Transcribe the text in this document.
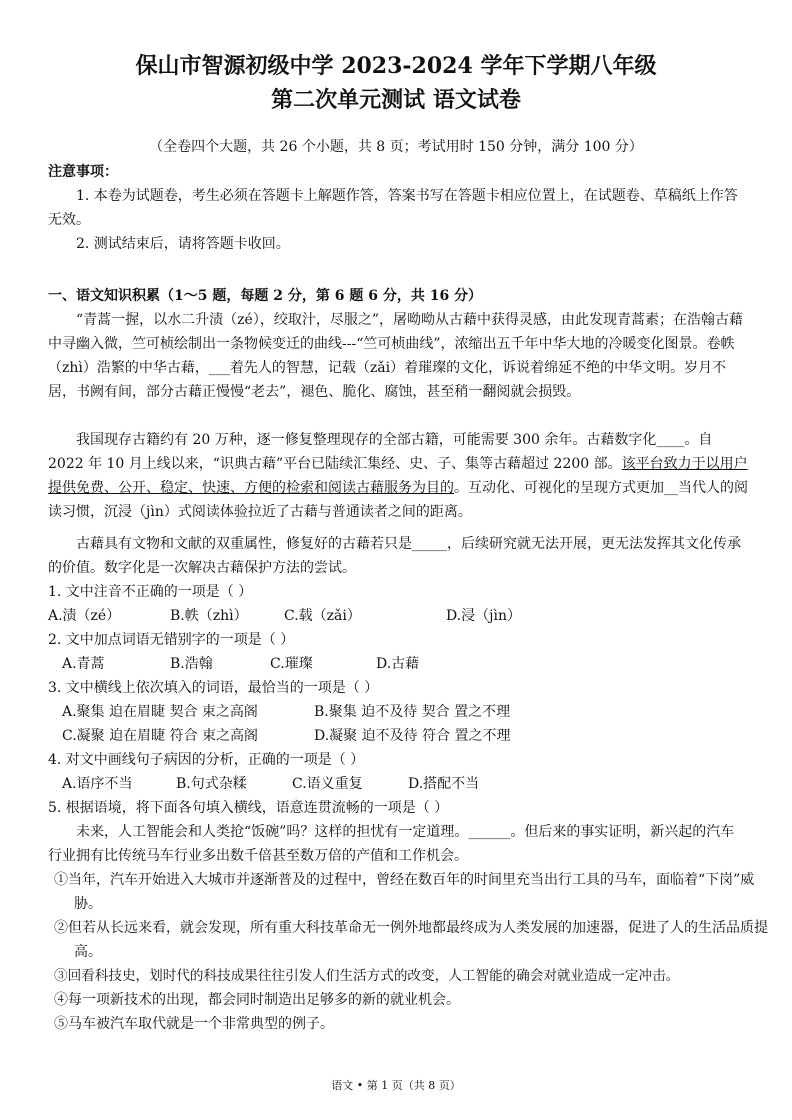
保山市智源初级中学 2023-2024 学年下学期八年级
第二次单元测试 语文试卷
（全卷四个大题，共 26 个小题，共 8 页；考试用时 150 分钟，满分 100 分）
注意事项：
1. 本卷为试题卷，考生必须在答题卡上解题作答，答案书写在答题卡相应位置上，在试题卷、草稿纸上作答无效。
2. 测试结束后，请将答题卡收回。
一、语文知识积累（1～5 题，每题 2 分，第 6 题 6 分，共 16 分）
“青蒿一握，以水二升渍（zé），绞取汁，尽服之”，屠呦呦从古藉中获得灵感，由此发现青蒿素；在浩翰古藉中寻幽入微，竺可桢绘制出一条物候变迁的曲线---“竺可桢曲线”，浓缩出五千年中华大地的冷暖变化图景。卷帙（zhì）浩繁的中华古藉，___着先人的智慧，记载（zǎi）着璀璨的文化，诉说着绵延不绝的中华文明。岁月不居，书阙有间，部分古藉正慢慢“老去”，褪色、脆化、腐蚀，甚至稍一翻阅就会损毁。
我国现存古籍约有 20 万种，逐一修复整理现存的全部古籍，可能需要 300 余年。古藉数字化____。自 2022 年 10 月上线以来，“识典古藉”平台已陆续汇集经、史、子、集等古藉超过 2200 部。该平台致力于以用户提供免费、公开、稳定、快速、方便的检索和阅读古藉服务为目的。互动化、可视化的呈现方式更加__当代人的阅读习惯，沉浸（jìn）式阅读体验拉近了古藉与普通读者之间的距离。
古藉具有文物和文献的双重属性，修复好的古藉若只是_____，后续研究就无法开展，更无法发挥其文化传承的价值。数字化是一次解决古藉保护方法的尝试。
1. 文中注音不正确的一项是（ ）
A.渍（zé）	B.帙（zhì）	C.载（zǎi）	D.浸（jìn）
2. 文中加点词语无错别字的一项是（ ）
A.青蒿	B.浩翰	C.璀璨	D.古藉
3. 文中横线上依次填入的词语，最恰当的一项是（ ）
A.聚集 迫在眉睫 契合 束之高阁	B.聚集 迫不及待 契合 置之不理
C.凝聚 迫在眉睫 符合 束之高阁	D.凝聚 迫不及待 符合 置之不理
4. 对文中画线句子病因的分析，正确的一项是（ ）
A.语序不当	B.句式杂糅	C.语义重复	D.搭配不当
5. 根据语境，将下面各句填入横线，语意连贯流畅的一项是（ ）
未来，人工智能会和人类抢“饭碗”吗？这样的担忧有一定道理。______。但后来的事实证明，新兴起的汽车行业拥有比传统马车行业多出数千倍甚至数万倍的产值和工作机会。
①当年，汽车开始进入大城市并逐渐普及的过程中，曾经在数百年的时间里充当出行工具的马车，面临着“下岗”威胁。
②但若从长远来看，就会发现，所有重大科技革命无一例外地都最终成为人类发展的加速器，促进了人的生活品质提高。
③回看科技史，划时代的科技成果往往引发人们生活方式的改变，人工智能的确会对就业造成一定冲击。
④每一项新技术的出现，都会同时制造出足够多的新的就业机会。
⑤马车被汽车取代就是一个非常典型的例子。
语文 • 第 1 页（共 8 页）
